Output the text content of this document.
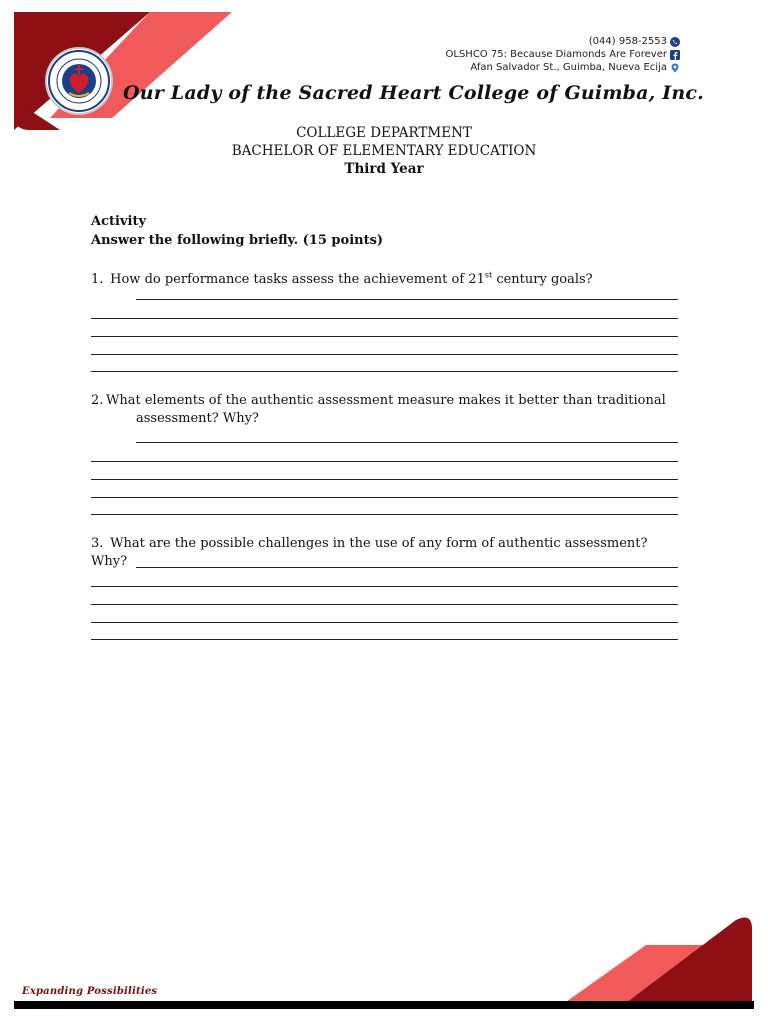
(044) 958-2553
OLSHCO 75: Because Diamonds Are Forever
Afan Salvador St., Guimba, Nueva Ecija
Our Lady of the Sacred Heart College of Guimba, Inc.
COLLEGE DEPARTMENT
BACHELOR OF ELEMENTARY EDUCATION
Third Year
Activity
Answer the following briefly. (15 points)
1. How do performance tasks assess the achievement of 21st century goals?
2. What elements of the authentic assessment measure makes it better than traditional
assessment? Why?
3. What are the possible challenges in the use of any form of authentic assessment? Why?
Expanding Possibilities
